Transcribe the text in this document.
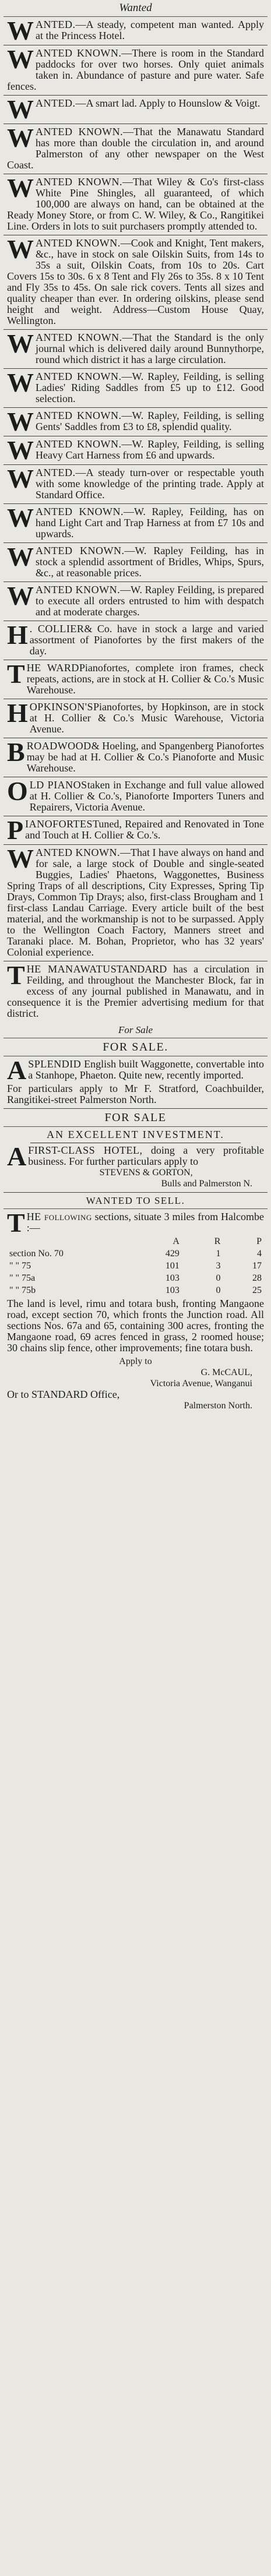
Wanted
WANTED.—A steady, competent man wanted. Apply at the Princess Hotel.
WANTED KNOWN.—There is room in the Standard paddocks for over two horses. Only quiet animals taken in. Abundance of pasture and pure water. Safe fences.
WANTED.—A smart lad. Apply to Hounslow & Voigt.
WANTED KNOWN.—That the Manawatu Standard has more than double the circulation in, and around Palmerston of any other newspaper on the West Coast.
WANTED KNOWN.—That Wiley & Co's first-class White Pine Shingles, all guaranteed, of which 100,000 are always on hand, can be obtained at the Ready Money Store, or from C. W. Wiley, & Co., Rangitikei Line. Orders in lots to suit purchasers promptly attended to.
WANTED KNOWN.—Cook and Knight, Tent makers, &c., have in stock on sale Oilskin Suits, from 14s to 35s a suit, Oilskin Coats, from 10s to 20s. Cart Covers 15s to 30s. 6 x 8 Tent and Fly 26s to 35s. 8 x 10 Tent and Fly 35s to 45s. On sale rick covers. Tents all sizes and quality cheaper than ever. In ordering oilskins, please send height and weight. Address—Custom House Quay, Wellington.
WANTED KNOWN.—That the Standard is the only journal which is delivered daily around Bunnythorpe, round which district it has a large circulation.
WANTED KNOWN.—W. Rapley, Feilding, is selling Ladies' Riding Saddles from £5 up to £12. Good selection.
WANTED KNOWN.—W. Rapley, Feilding, is selling Gents' Saddles from £3 to £8, splendid quality.
WANTED KNOWN.—W. Rapley, Feilding, is selling Heavy Cart Harness from £6 and upwards.
WANTED.—A steady turn-over or respectable youth with some knowledge of the printing trade. Apply at Standard Office.
WANTED KNOWN.—W. Rapley, Feilding, has on hand Light Cart and Trap Harness at from £7 10s and upwards.
WANTED KNOWN.—W. Rapley Feilding, has in stock a splendid assortment of Bridles, Whips, Spurs, &c., at reasonable prices.
WANTED KNOWN.—W. Rapley Feilding, is prepared to execute all orders entrusted to him with despatch and at moderate charges.
H . COLLIER& Co. have in stock a large and varied assortment of Pianofortes by the first makers of the day.
THE WARDPianofortes, complete iron frames, check repeats, actions, are in stock at H. Collier & Co.'s Music Warehouse.
HOPKINSON'SPianofortes, by Hopkinson, are in stock at H. Collier & Co.'s Music Warehouse, Victoria Avenue.
BROADWOOD& Hoeling, and Spangenberg Pianofortes may be had at H. Collier & Co.'s Pianoforte and Music Warehouse.
OLD PIANOStaken in Exchange and full value allowed at H. Collier & Co.'s, Pianoforte Importers Tuners and Repairers, Victoria Avenue.
PIANOFORTESTuned, Repaired and Renovated in Tone and Touch at H. Collier & Co.'s.
WANTED KNOWN.—That I have always on hand and for sale, a large stock of Double and single-seated Buggies, Ladies' Phaetons, Waggonettes, Business Spring Traps of all descriptions, City Expresses, Spring Tip Drays, Common Tip Drays; also, first-class Brougham and 1 first-class Landau Carriage. Every article built of the best material, and the workmanship is not to be surpassed. Apply to the Wellington Coach Factory, Manners street and Taranaki place. M. Bohan, Proprietor, who has 32 years' Colonial experience.
THE MANAWATUSTANDARD has a circulation in Feilding, and throughout the Manchester Block, far in excess of any journal published in Manawatu, and in consequence it is the Premier advertising medium for that district.
For Sale
FOR SALE.
A SPLENDID English built Waggonette, convertable into a Stanhope, Phaeton. Quite new, recently imported.
For particulars apply to Mr F. Stratford, Coachbuilder, Rangitikei-street Palmerston North.
FOR SALE
AN EXCELLENT INVESTMENT.
A FIRST-CLASS HOTEL, doing a very profitable business. For further particulars apply to
STEVENS & GORTON,
Bulls and Palmerston N.
WANTED TO SELL.
T HE following sections, situate 3 miles from Halcombe :—
	A	R	P
section No. 70	429	1	4
" " 75	101	3	17
" " 75a	103	0	28
" " 75b	103	0	25
The land is level, rimu and totara bush, fronting Mangaone road, except section 70, which fronts the Junction road. All sections Nos. 67a and 65, containing 300 acres, fronting the Mangaone road, 69 acres fenced in grass, 2 roomed house; 30 chains slip fence, other improvements; fine totara bush.
Apply to
G. McCAUL,
Victoria Avenue, Wanganui
Or to STANDARD Office,
Palmerston North.
